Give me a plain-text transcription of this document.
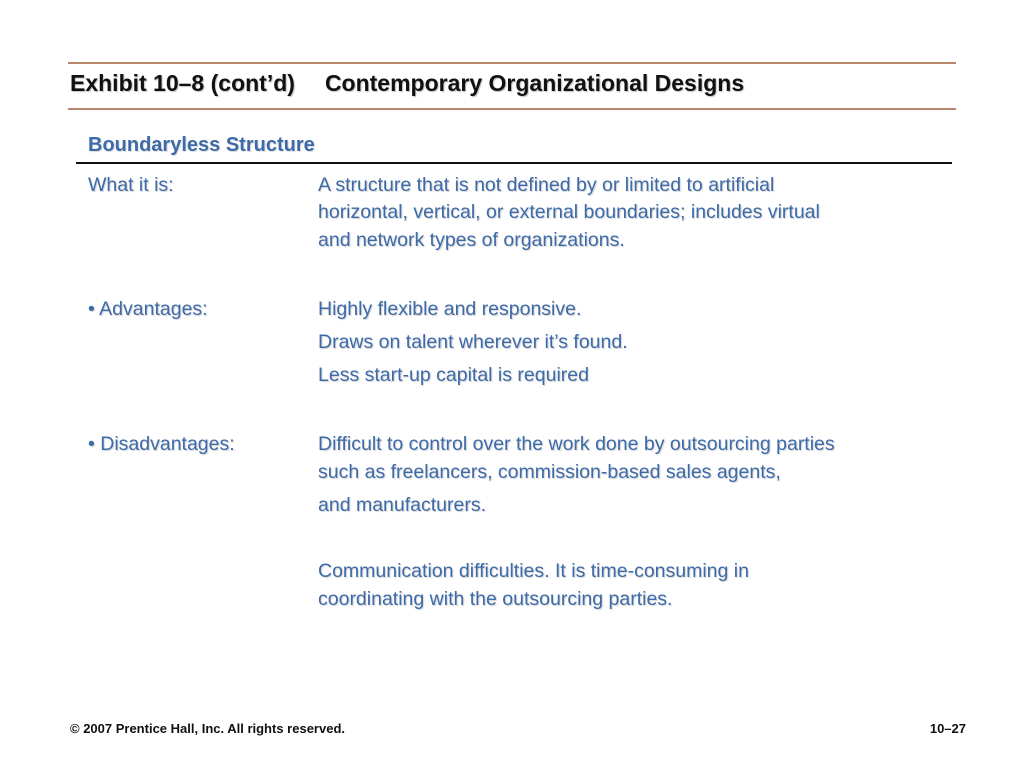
Exhibit 10–8 (cont’d) Contemporary Organizational Designs
Boundaryless Structure
What it is:	A structure that is not defined by or limited to artificial
horizontal, vertical, or external boundaries; includes virtual
and network types of organizations.
• Advantages:	Highly flexible and responsive.
Draws on talent wherever it’s found.
Less start-up capital is required
• Disadvantages:	Difficult to control over the work done by outsourcing parties
such as freelancers, commission-based sales agents,
and manufacturers.
Communication difficulties. It is time-consuming in
coordinating with the outsourcing parties.
© 2007 Prentice Hall, Inc. All rights reserved.	10–27
